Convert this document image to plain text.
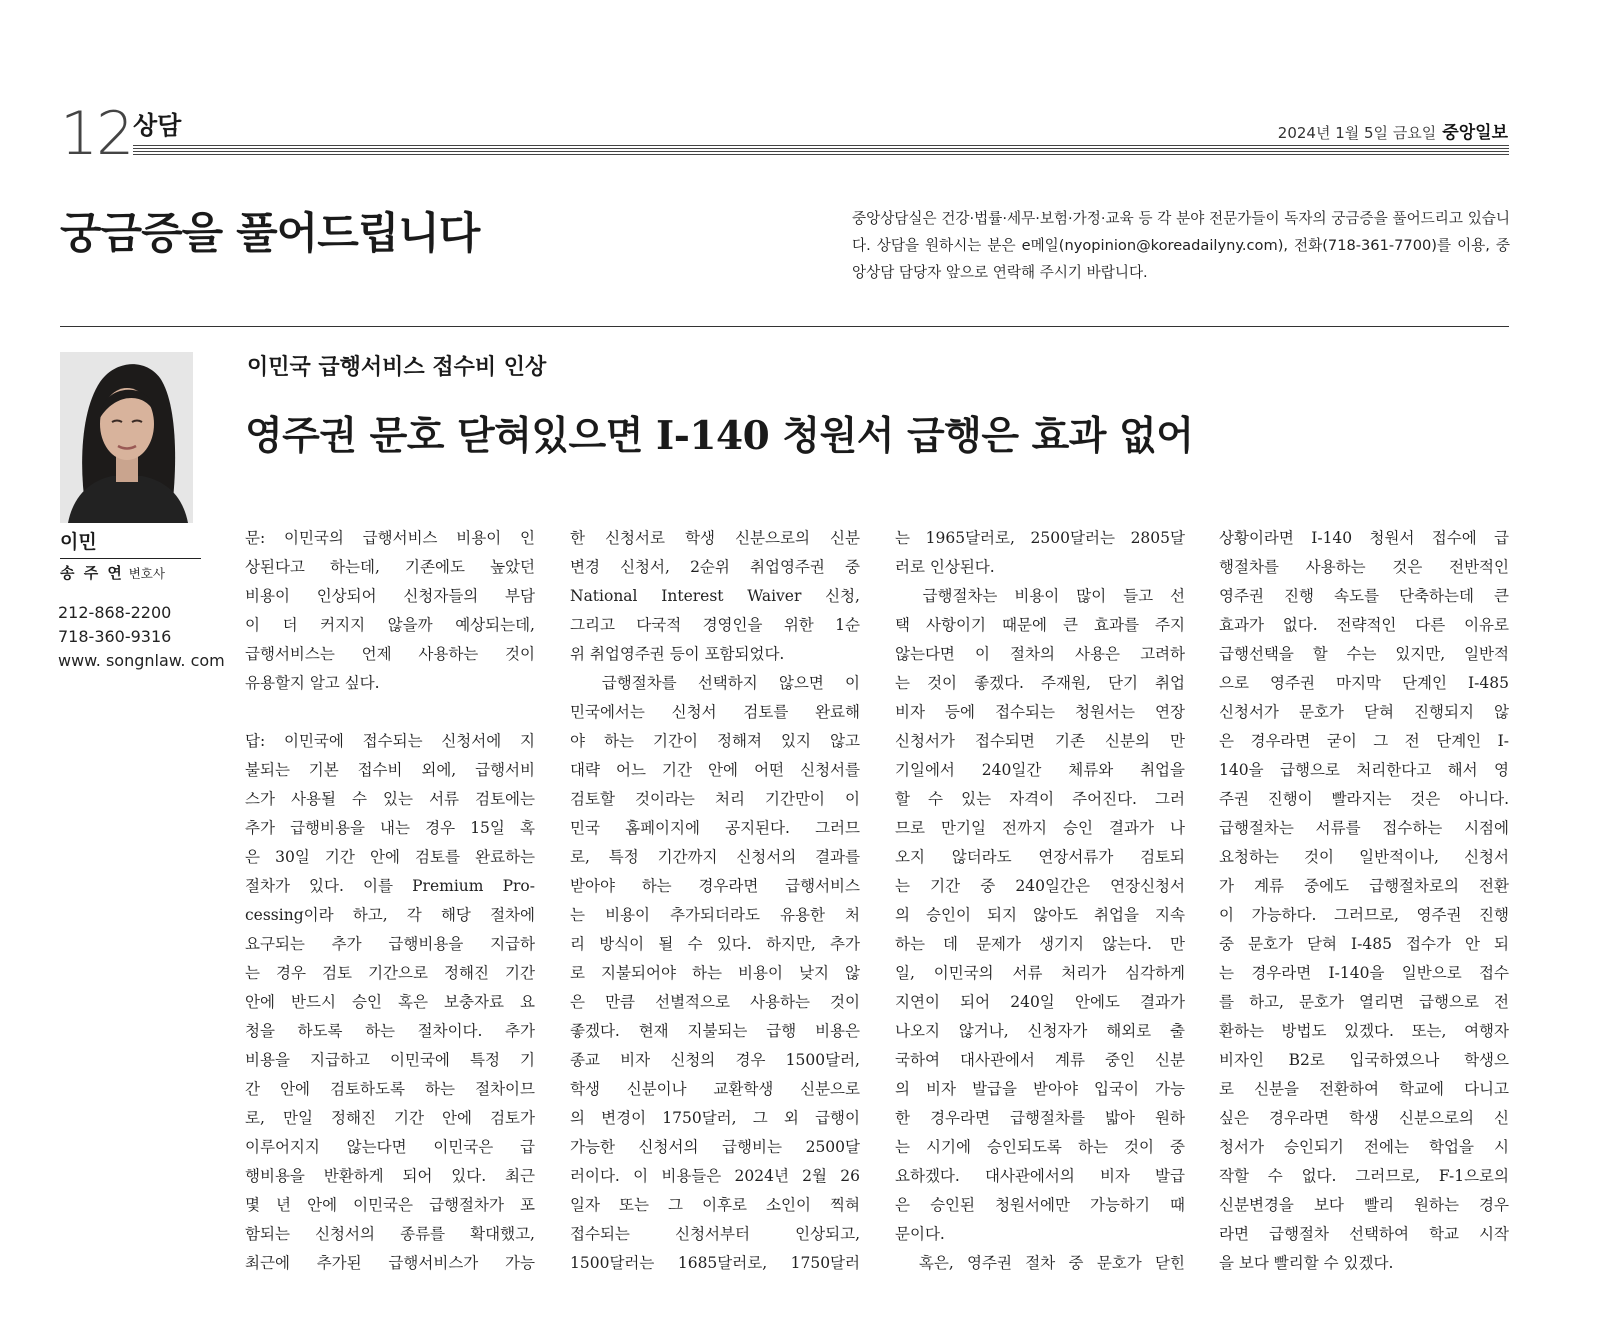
12 상담	2024년 1월 5일 금요일 중앙일보
궁금증을 풀어드립니다	중앙상담실은 건강·법률·세무·보험·가정·교육 등 각 분야 전문가들이 독자의 궁금증을 풀어드리고 있습니다. 상담을 원하시는 분은 e메일(nyopinion@koreadailyny.com), 전화(718-361-7700)를 이용, 중앙상담 담당자 앞으로 연락해 주시기 바랍니다.
이민
송 주 연 변호사
212-868-2200
718-360-9316
www. songnlaw. com
이민국 급행서비스 접수비 인상
영주권 문호 닫혀있으면 I-140 청원서 급행은 효과 없어
문: 이민국의 급행서비스 비용이 인
상된다고 하는데, 기존에도 높았던
비용이 인상되어 신청자들의 부담
이 더 커지지 않을까 예상되는데,
급행서비스는 언제 사용하는 것이
유용할지 알고 싶다.
답: 이민국에 접수되는 신청서에 지
불되는 기본 접수비 외에, 급행서비
스가 사용될 수 있는 서류 검토에는
추가 급행비용을 내는 경우 15일 혹
은 30일 기간 안에 검토를 완료하는
절차가 있다. 이를 Premium Pro-
cessing이라 하고, 각 해당 절차에
요구되는 추가 급행비용을 지급하
는 경우 검토 기간으로 정해진 기간
안에 반드시 승인 혹은 보충자료 요
청을 하도록 하는 절차이다. 추가
비용을 지급하고 이민국에 특정 기
간 안에 검토하도록 하는 절차이므
로, 만일 정해진 기간 안에 검토가
이루어지지 않는다면 이민국은 급
행비용을 반환하게 되어 있다. 최근
몇 년 안에 이민국은 급행절차가 포
함되는 신청서의 종류를 확대했고,
최근에 추가된 급행서비스가 가능
한 신청서로 학생 신분으로의 신분
변경 신청서, 2순위 취업영주권 중
National Interest Waiver 신청,
그리고 다국적 경영인을 위한 1순
위 취업영주권 등이 포함되었다.
　급행절차를 선택하지 않으면 이
민국에서는 신청서 검토를 완료해
야 하는 기간이 정해져 있지 않고
대략 어느 기간 안에 어떤 신청서를
검토할 것이라는 처리 기간만이 이
민국 홈페이지에 공지된다. 그러므
로, 특정 기간까지 신청서의 결과를
받아야 하는 경우라면 급행서비스
는 비용이 추가되더라도 유용한 처
리 방식이 될 수 있다. 하지만, 추가
로 지불되어야 하는 비용이 낮지 않
은 만큼 선별적으로 사용하는 것이
좋겠다. 현재 지불되는 급행 비용은
종교 비자 신청의 경우 1500달러,
학생 신분이나 교환학생 신분으로
의 변경이 1750달러, 그 외 급행이
가능한 신청서의 급행비는 2500달
러이다. 이 비용들은 2024년 2월 26
일자 또는 그 이후로 소인이 찍혀
접수되는 신청서부터 인상되고,
1500달러는 1685달러로, 1750달러
는 1965달러로, 2500달러는 2805달
러로 인상된다.
　급행절차는 비용이 많이 들고 선
택 사항이기 때문에 큰 효과를 주지
않는다면 이 절차의 사용은 고려하
는 것이 좋겠다. 주재원, 단기 취업
비자 등에 접수되는 청원서는 연장
신청서가 접수되면 기존 신분의 만
기일에서 240일간 체류와 취업을
할 수 있는 자격이 주어진다. 그러
므로 만기일 전까지 승인 결과가 나
오지 않더라도 연장서류가 검토되
는 기간 중 240일간은 연장신청서
의 승인이 되지 않아도 취업을 지속
하는 데 문제가 생기지 않는다. 만
일, 이민국의 서류 처리가 심각하게
지연이 되어 240일 안에도 결과가
나오지 않거나, 신청자가 해외로 출
국하여 대사관에서 계류 중인 신분
의 비자 발급을 받아야 입국이 가능
한 경우라면 급행절차를 밟아 원하
는 시기에 승인되도록 하는 것이 중
요하겠다. 대사관에서의 비자 발급
은 승인된 청원서에만 가능하기 때
문이다.
　혹은, 영주권 절차 중 문호가 닫힌
상황이라면 I-140 청원서 접수에 급
행절차를 사용하는 것은 전반적인
영주권 진행 속도를 단축하는데 큰
효과가 없다. 전략적인 다른 이유로
급행선택을 할 수는 있지만, 일반적
으로 영주권 마지막 단계인 I-485
신청서가 문호가 닫혀 진행되지 않
은 경우라면 굳이 그 전 단계인 I-
140을 급행으로 처리한다고 해서 영
주권 진행이 빨라지는 것은 아니다.
급행절차는 서류를 접수하는 시점에
요청하는 것이 일반적이나, 신청서
가 계류 중에도 급행절차로의 전환
이 가능하다. 그러므로, 영주권 진행
중 문호가 닫혀 I-485 접수가 안 되
는 경우라면 I-140을 일반으로 접수
를 하고, 문호가 열리면 급행으로 전
환하는 방법도 있겠다. 또는, 여행자
비자인 B2로 입국하였으나 학생으
로 신분을 전환하여 학교에 다니고
싶은 경우라면 학생 신분으로의 신
청서가 승인되기 전에는 학업을 시
작할 수 없다. 그러므로, F-1으로의
신분변경을 보다 빨리 원하는 경우
라면 급행절차 선택하여 학교 시작
을 보다 빨리할 수 있겠다.
